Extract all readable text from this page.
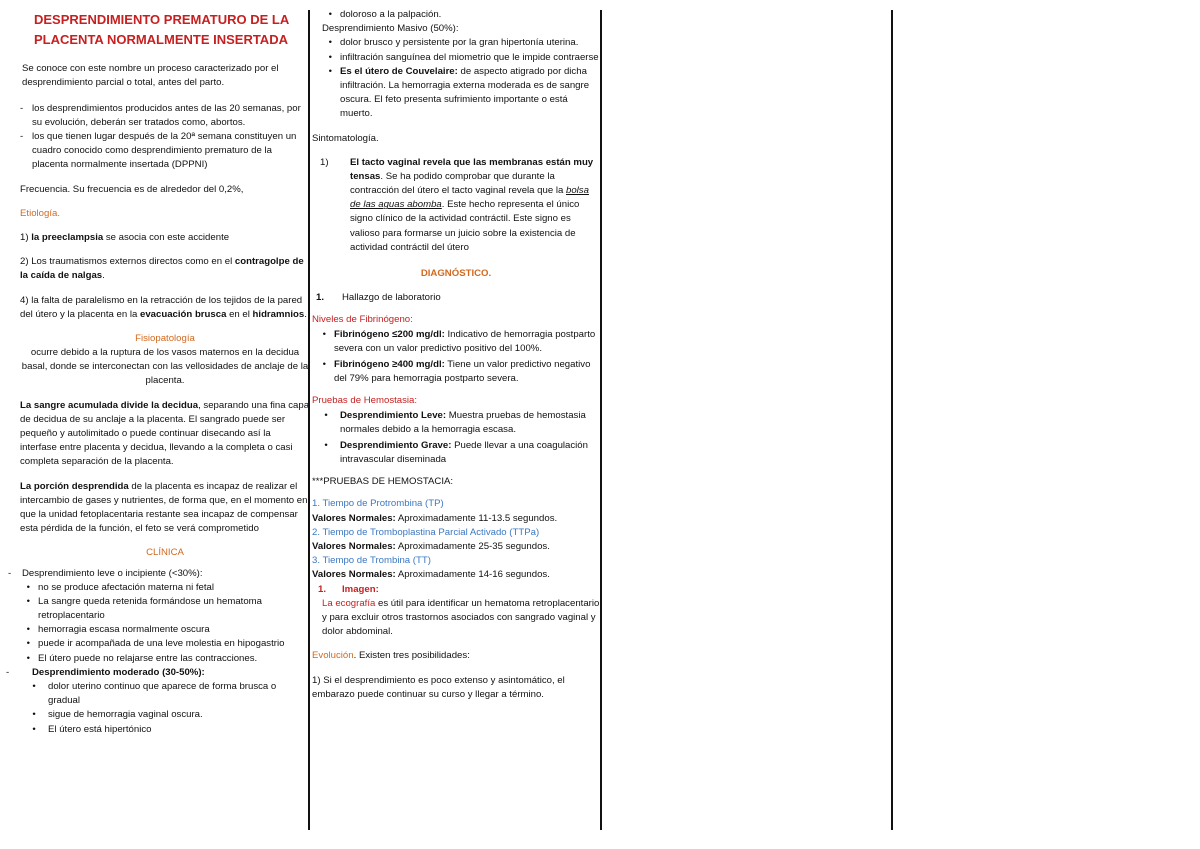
DESPRENDIMIENTO PREMATURO DE LA PLACENTA NORMALMENTE INSERTADA

Se conoce con este nombre un proceso caracterizado por el desprendimiento parcial o total, antes del parto.

- los desprendimientos producidos antes de las 20 semanas, por su evolución, deberán ser tratados como, abortos.
- los que tienen lugar después de la 20ª semana constituyen un cuadro conocido como desprendimiento prematuro de la placenta normalmente insertada (DPPNI)

Frecuencia. Su frecuencia es de alrededor del 0,2%,

Etiología.

1) la preeclampsia se asocia con este accidente

2) Los traumatismos externos directos como en el contragolpe de la caída de nalgas.

4) la falta de paralelismo en la retracción de los tejidos de la pared del útero y la placenta en la evacuación brusca en el hidramnios.

Fisiopatología

ocurre debido a la ruptura de los vasos maternos en la decidua basal, donde se interconectan con las vellosidades de anclaje de la placenta.

La sangre acumulada divide la decidua, separando una fina capa de decidua de su anclaje a la placenta. El sangrado puede ser pequeño y autolimitado o puede continuar disecando así la interfase entre placenta y decidua, llevando a la completa o casi completa separación de la placenta.

La porción desprendida de la placenta es incapaz de realizar el intercambio de gases y nutrientes, de forma que, en el momento en que la unidad fetoplacentaria restante sea incapaz de compensar esta pérdida de la función, el feto se verá comprometido

CLÍNICA

-	Desprendimiento leve o incipiente (<30%):
• no se produce afectación materna ni fetal
• La sangre queda retenida formándose un hematoma retroplacentario
• hemorragia escasa normalmente oscura
• puede ir acompañada de una leve molestia en hipogastrio
• El útero puede no relajarse entre las contracciones.
-	Desprendimiento moderado (30-50%):
•	dolor uterino continuo que aparece de forma brusca o gradual
•	sigue de hemorragia vaginal oscura.
•	El útero está hipertónico
• doloroso a la palpación.

Desprendimiento Masivo (50%):

• dolor brusco y persistente por la gran hipertonía uterina.
• infiltración sanguínea del miometrio que le impide contraerse
• Es el útero de Couvelaire: de aspecto atigrado por dicha infiltración. La hemorragia externa moderada es de sangre oscura. El feto presenta sufrimiento importante o está muerto.

Sintomatología.

1)	El tacto vaginal revela que las membranas están muy tensas. Se ha podido comprobar que durante la contracción del útero el tacto vaginal revela que la bolsa de las aguas abomba. Este hecho representa el único signo clínico de la actividad contráctil. Este signo es valioso para formarse un juicio sobre la existencia de actividad contráctil del útero

DIAGNÓSTICO.

1.	Hallazgo de laboratorio

Niveles de Fibrinógeno:

• Fibrinógeno ≤200 mg/dl: Indicativo de hemorragia postparto severa con un valor predictivo positivo del 100%.
• Fibrinógeno ≥400 mg/dl: Tiene un valor predictivo negativo del 79% para hemorragia postparto severa.

Pruebas de Hemostasia:

•	Desprendimiento Leve: Muestra pruebas de hemostasia normales debido a la hemorragia escasa.
•	Desprendimiento Grave: Puede llevar a una coagulación intravascular diseminada

***PRUEBAS DE HEMOSTACIA:

1. Tiempo de Protrombina (TP)

Valores Normales: Aproximadamente 11-13.5 segundos.

2. Tiempo de Tromboplastina Parcial Activado (TTPa)

Valores Normales: Aproximadamente 25-35 segundos.

3. Tiempo de Trombina (TT)

Valores Normales: Aproximadamente 14-16 segundos.

1.	Imagen:

La ecografía es útil para identificar un hematoma retroplacentario y para excluir otros trastornos asociados con sangrado vaginal y dolor abdominal.

Evolución. Existen tres posibilidades:

1) Si el desprendimiento es poco extenso y asintomático, el embarazo puede continuar su curso y llegar a término.
